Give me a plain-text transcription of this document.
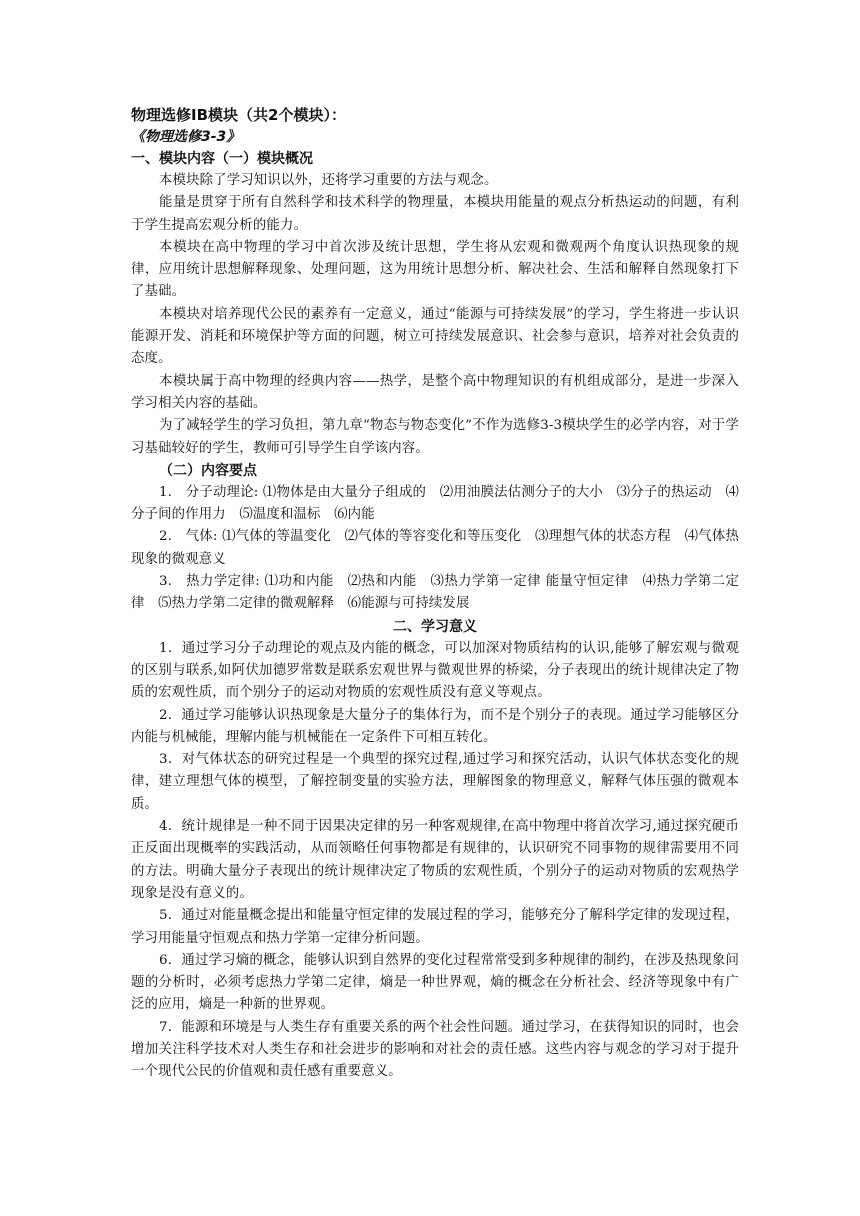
物理选修ⅠB模块（共2个模块）：

《物理选修3-3》

一、模块内容（一）模块概况

本模块除了学习知识以外，还将学习重要的方法与观念。

能量是贯穿于所有自然科学和技术科学的物理量，本模块用能量的观点分析热运动的问题，有利于学生提高宏观分析的能力。

本模块在高中物理的学习中首次涉及统计思想，学生将从宏观和微观两个角度认识热现象的规律，应用统计思想解释现象、处理问题，这为用统计思想分析、解决社会、生活和解释自然现象打下了基础。

本模块对培养现代公民的素养有一定意义，通过“能源与可持续发展”的学习，学生将进一步认识能源开发、消耗和环境保护等方面的问题，树立可持续发展意识、社会参与意识，培养对社会负责的态度。

本模块属于高中物理的经典内容——热学，是整个高中物理知识的有机组成部分，是进一步深入学习相关内容的基础。

为了减轻学生的学习负担，第九章“物态与物态变化”不作为选修3-3模块学生的必学内容，对于学习基础较好的学生，教师可引导学生自学该内容。

（二）内容要点

1.　分子动理论: ⑴物体是由大量分子组成的　⑵用油膜法估测分子的大小　⑶分子的热运动　⑷分子间的作用力　⑸温度和温标　⑹内能

2.　气体: ⑴气体的等温变化　⑵气体的等容变化和等压变化　⑶理想气体的状态方程　⑷气体热现象的微观意义

3.　热力学定律: ⑴功和内能　⑵热和内能　⑶热力学第一定律 能量守恒定律　⑷热力学第二定律　⑸热力学第二定律的微观解释　⑹能源与可持续发展

二、学习意义

1．通过学习分子动理论的观点及内能的概念，可以加深对物质结构的认识,能够了解宏观与微观的区别与联系,如阿伏加德罗常数是联系宏观世界与微观世界的桥梁，分子表现出的统计规律决定了物质的宏观性质，而个别分子的运动对物质的宏观性质没有意义等观点。

2．通过学习能够认识热现象是大量分子的集体行为，而不是个别分子的表现。通过学习能够区分内能与机械能，理解内能与机械能在一定条件下可相互转化。

3．对气体状态的研究过程是一个典型的探究过程,通过学习和探究活动，认识气体状态变化的规律，建立理想气体的模型，了解控制变量的实验方法，理解图象的物理意义，解释气体压强的微观本质。

4．统计规律是一种不同于因果决定律的另一种客观规律,在高中物理中将首次学习,通过探究硬币正反面出现概率的实践活动，从而领略任何事物都是有规律的，认识研究不同事物的规律需要用不同的方法。明确大量分子表现出的统计规律决定了物质的宏观性质，个别分子的运动对物质的宏观热学现象是没有意义的。

5．通过对能量概念提出和能量守恒定律的发展过程的学习，能够充分了解科学定律的发现过程，学习用能量守恒观点和热力学第一定律分析问题。

6．通过学习熵的概念，能够认识到自然界的变化过程常常受到多种规律的制约，在涉及热现象问题的分析时，必须考虑热力学第二定律，熵是一种世界观，熵的概念在分析社会、经济等现象中有广泛的应用，熵是一种新的世界观。

7．能源和环境是与人类生存有重要关系的两个社会性问题。通过学习，在获得知识的同时，也会增加关注科学技术对人类生存和社会进步的影响和对社会的责任感。这些内容与观念的学习对于提升一个现代公民的价值观和责任感有重要意义。
